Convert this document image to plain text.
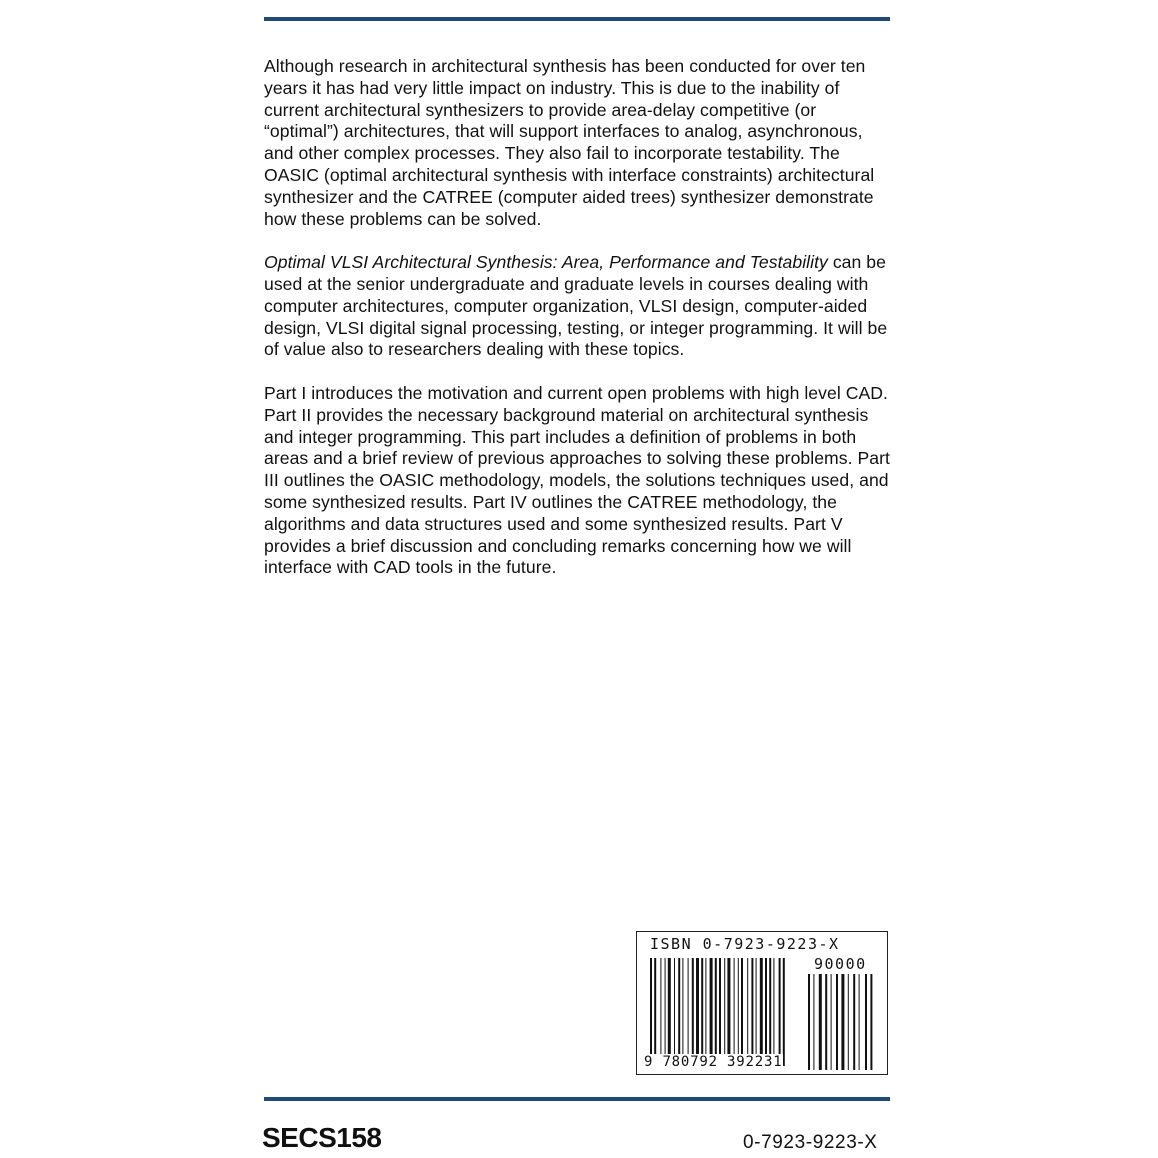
Although research in architectural synthesis has been conducted for over ten years it has had very little impact on industry. This is due to the inability of current architectural synthesizers to provide area-delay competitive (or “optimal”) architectures, that will support interfaces to analog, asynchronous, and other complex processes. They also fail to incorporate testability. The OASIC (optimal architectural synthesis with interface constraints) architectural synthesizer and the CATREE (computer aided trees) synthesizer demonstrate how these problems can be solved.

Optimal VLSI Architectural Synthesis: Area, Performance and Testability can be used at the senior undergraduate and graduate levels in courses dealing with computer architectures, computer organization, VLSI design, computer-aided design, VLSI digital signal processing, testing, or integer programming. It will be of value also to researchers dealing with these topics.

Part I introduces the motivation and current open problems with high level CAD. Part II provides the necessary background material on architectural synthesis and integer programming. This part includes a definition of problems in both areas and a brief review of previous approaches to solving these problems. Part III outlines the OASIC methodology, models, the solutions techniques used, and some synthesized results. Part IV outlines the CATREE methodology, the algorithms and data structures used and some synthesized results. Part V provides a brief discussion and concluding remarks concerning how we will interface with CAD tools in the future.

ISBN 0-7923-9223-X
90000
9 780792 392231
SECS158	0-7923-9223-X
